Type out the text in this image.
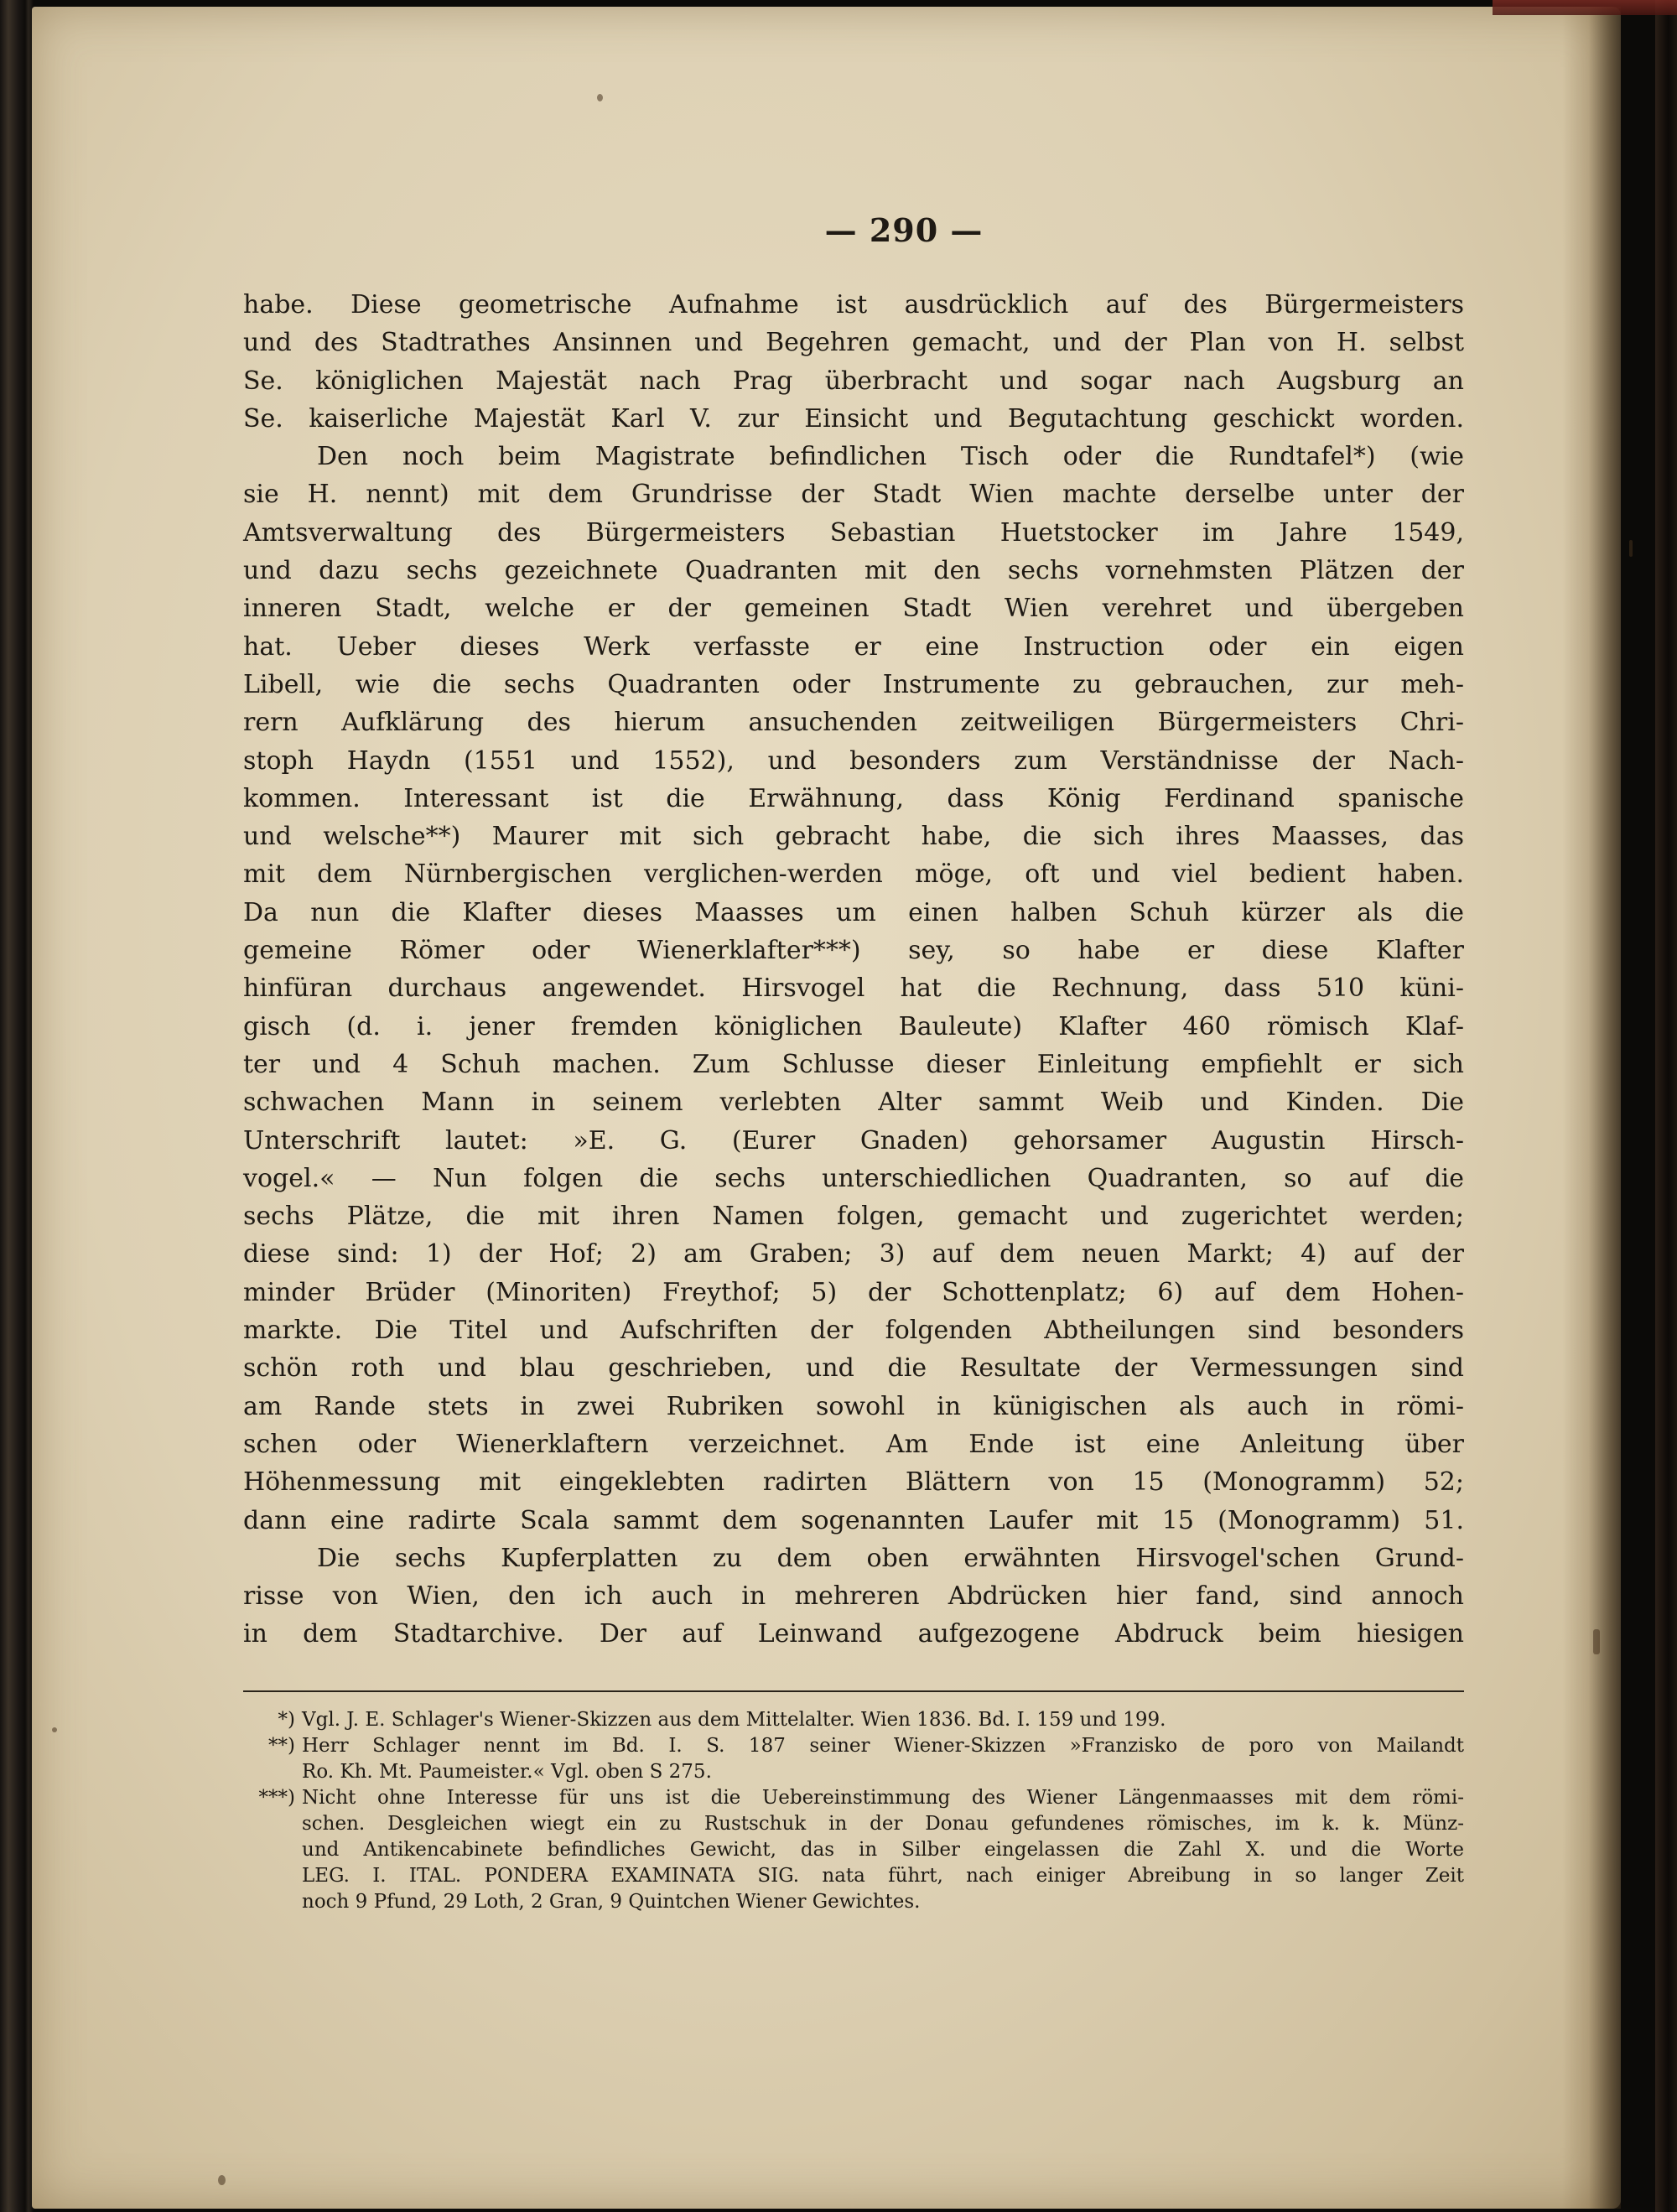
— 290 —
habe. Diese geometrische Aufnahme ist ausdrücklich auf des Bürgermeisters
und des Stadtrathes Ansinnen und Begehren gemacht, und der Plan von H. selbst
Se. königlichen Majestät nach Prag überbracht und sogar nach Augsburg an
Se. kaiserliche Majestät Karl V. zur Einsicht und Begutachtung geschickt worden.
Den noch beim Magistrate befindlichen Tisch oder die Rundtafel*) (wie
sie H. nennt) mit dem Grundrisse der Stadt Wien machte derselbe unter der
Amtsverwaltung des Bürgermeisters Sebastian Huetstocker im Jahre 1549,
und dazu sechs gezeichnete Quadranten mit den sechs vornehmsten Plätzen der
inneren Stadt, welche er der gemeinen Stadt Wien verehret und übergeben
hat. Ueber dieses Werk verfasste er eine Instruction oder ein eigen
Libell, wie die sechs Quadranten oder Instrumente zu gebrauchen, zur meh-
rern Aufklärung des hierum ansuchenden zeitweiligen Bürgermeisters Chri-
stoph Haydn (1551 und 1552), und besonders zum Verständnisse der Nach-
kommen. Interessant ist die Erwähnung, dass König Ferdinand spanische
und welsche**) Maurer mit sich gebracht habe, die sich ihres Maasses, das
mit dem Nürnbergischen verglichen-werden möge, oft und viel bedient haben.
Da nun die Klafter dieses Maasses um einen halben Schuh kürzer als die
gemeine Römer oder Wienerklafter***) sey, so habe er diese Klafter
hinfüran durchaus angewendet. Hirsvogel hat die Rechnung, dass 510 küni-
gisch (d. i. jener fremden königlichen Bauleute) Klafter 460 römisch Klaf-
ter und 4 Schuh machen. Zum Schlusse dieser Einleitung empfiehlt er sich
schwachen Mann in seinem verlebten Alter sammt Weib und Kinden. Die
Unterschrift lautet: »E. G. (Eurer Gnaden) gehorsamer Augustin Hirsch-
vogel.« — Nun folgen die sechs unterschiedlichen Quadranten, so auf die
sechs Plätze, die mit ihren Namen folgen, gemacht und zugerichtet werden;
diese sind: 1) der Hof; 2) am Graben; 3) auf dem neuen Markt; 4) auf der
minder Brüder (Minoriten) Freythof; 5) der Schottenplatz; 6) auf dem Hohen-
markte. Die Titel und Aufschriften der folgenden Abtheilungen sind besonders
schön roth und blau geschrieben, und die Resultate der Vermessungen sind
am Rande stets in zwei Rubriken sowohl in künigischen als auch in römi-
schen oder Wienerklaftern verzeichnet. Am Ende ist eine Anleitung über
Höhenmessung mit eingeklebten radirten Blättern von 15 (Monogramm) 52;
dann eine radirte Scala sammt dem sogenannten Laufer mit 15 (Monogramm) 51.
Die sechs Kupferplatten zu dem oben erwähnten Hirsvogel'schen Grund-
risse von Wien, den ich auch in mehreren Abdrücken hier fand, sind annoch
in dem Stadtarchive. Der auf Leinwand aufgezogene Abdruck beim hiesigen
*) Vgl. J. E. Schlager's Wiener-Skizzen aus dem Mittelalter. Wien 1836. Bd. I. 159 und 199.
**) Herr Schlager nennt im Bd. I. S. 187 seiner Wiener-Skizzen »Franzisko de poro von Mailandt
Ro. Kh. Mt. Paumeister.« Vgl. oben S 275.
***) Nicht ohne Interesse für uns ist die Uebereinstimmung des Wiener Längenmaasses mit dem römi-
schen. Desgleichen wiegt ein zu Rustschuk in der Donau gefundenes römisches, im k. k. Münz-
und Antikencabinete befindliches Gewicht, das in Silber eingelassen die Zahl X. und die Worte
LEG. I. ITAL. PONDERA EXAMINATA SIG. nata führt, nach einiger Abreibung in so langer Zeit
noch 9 Pfund, 29 Loth, 2 Gran, 9 Quintchen Wiener Gewichtes.
